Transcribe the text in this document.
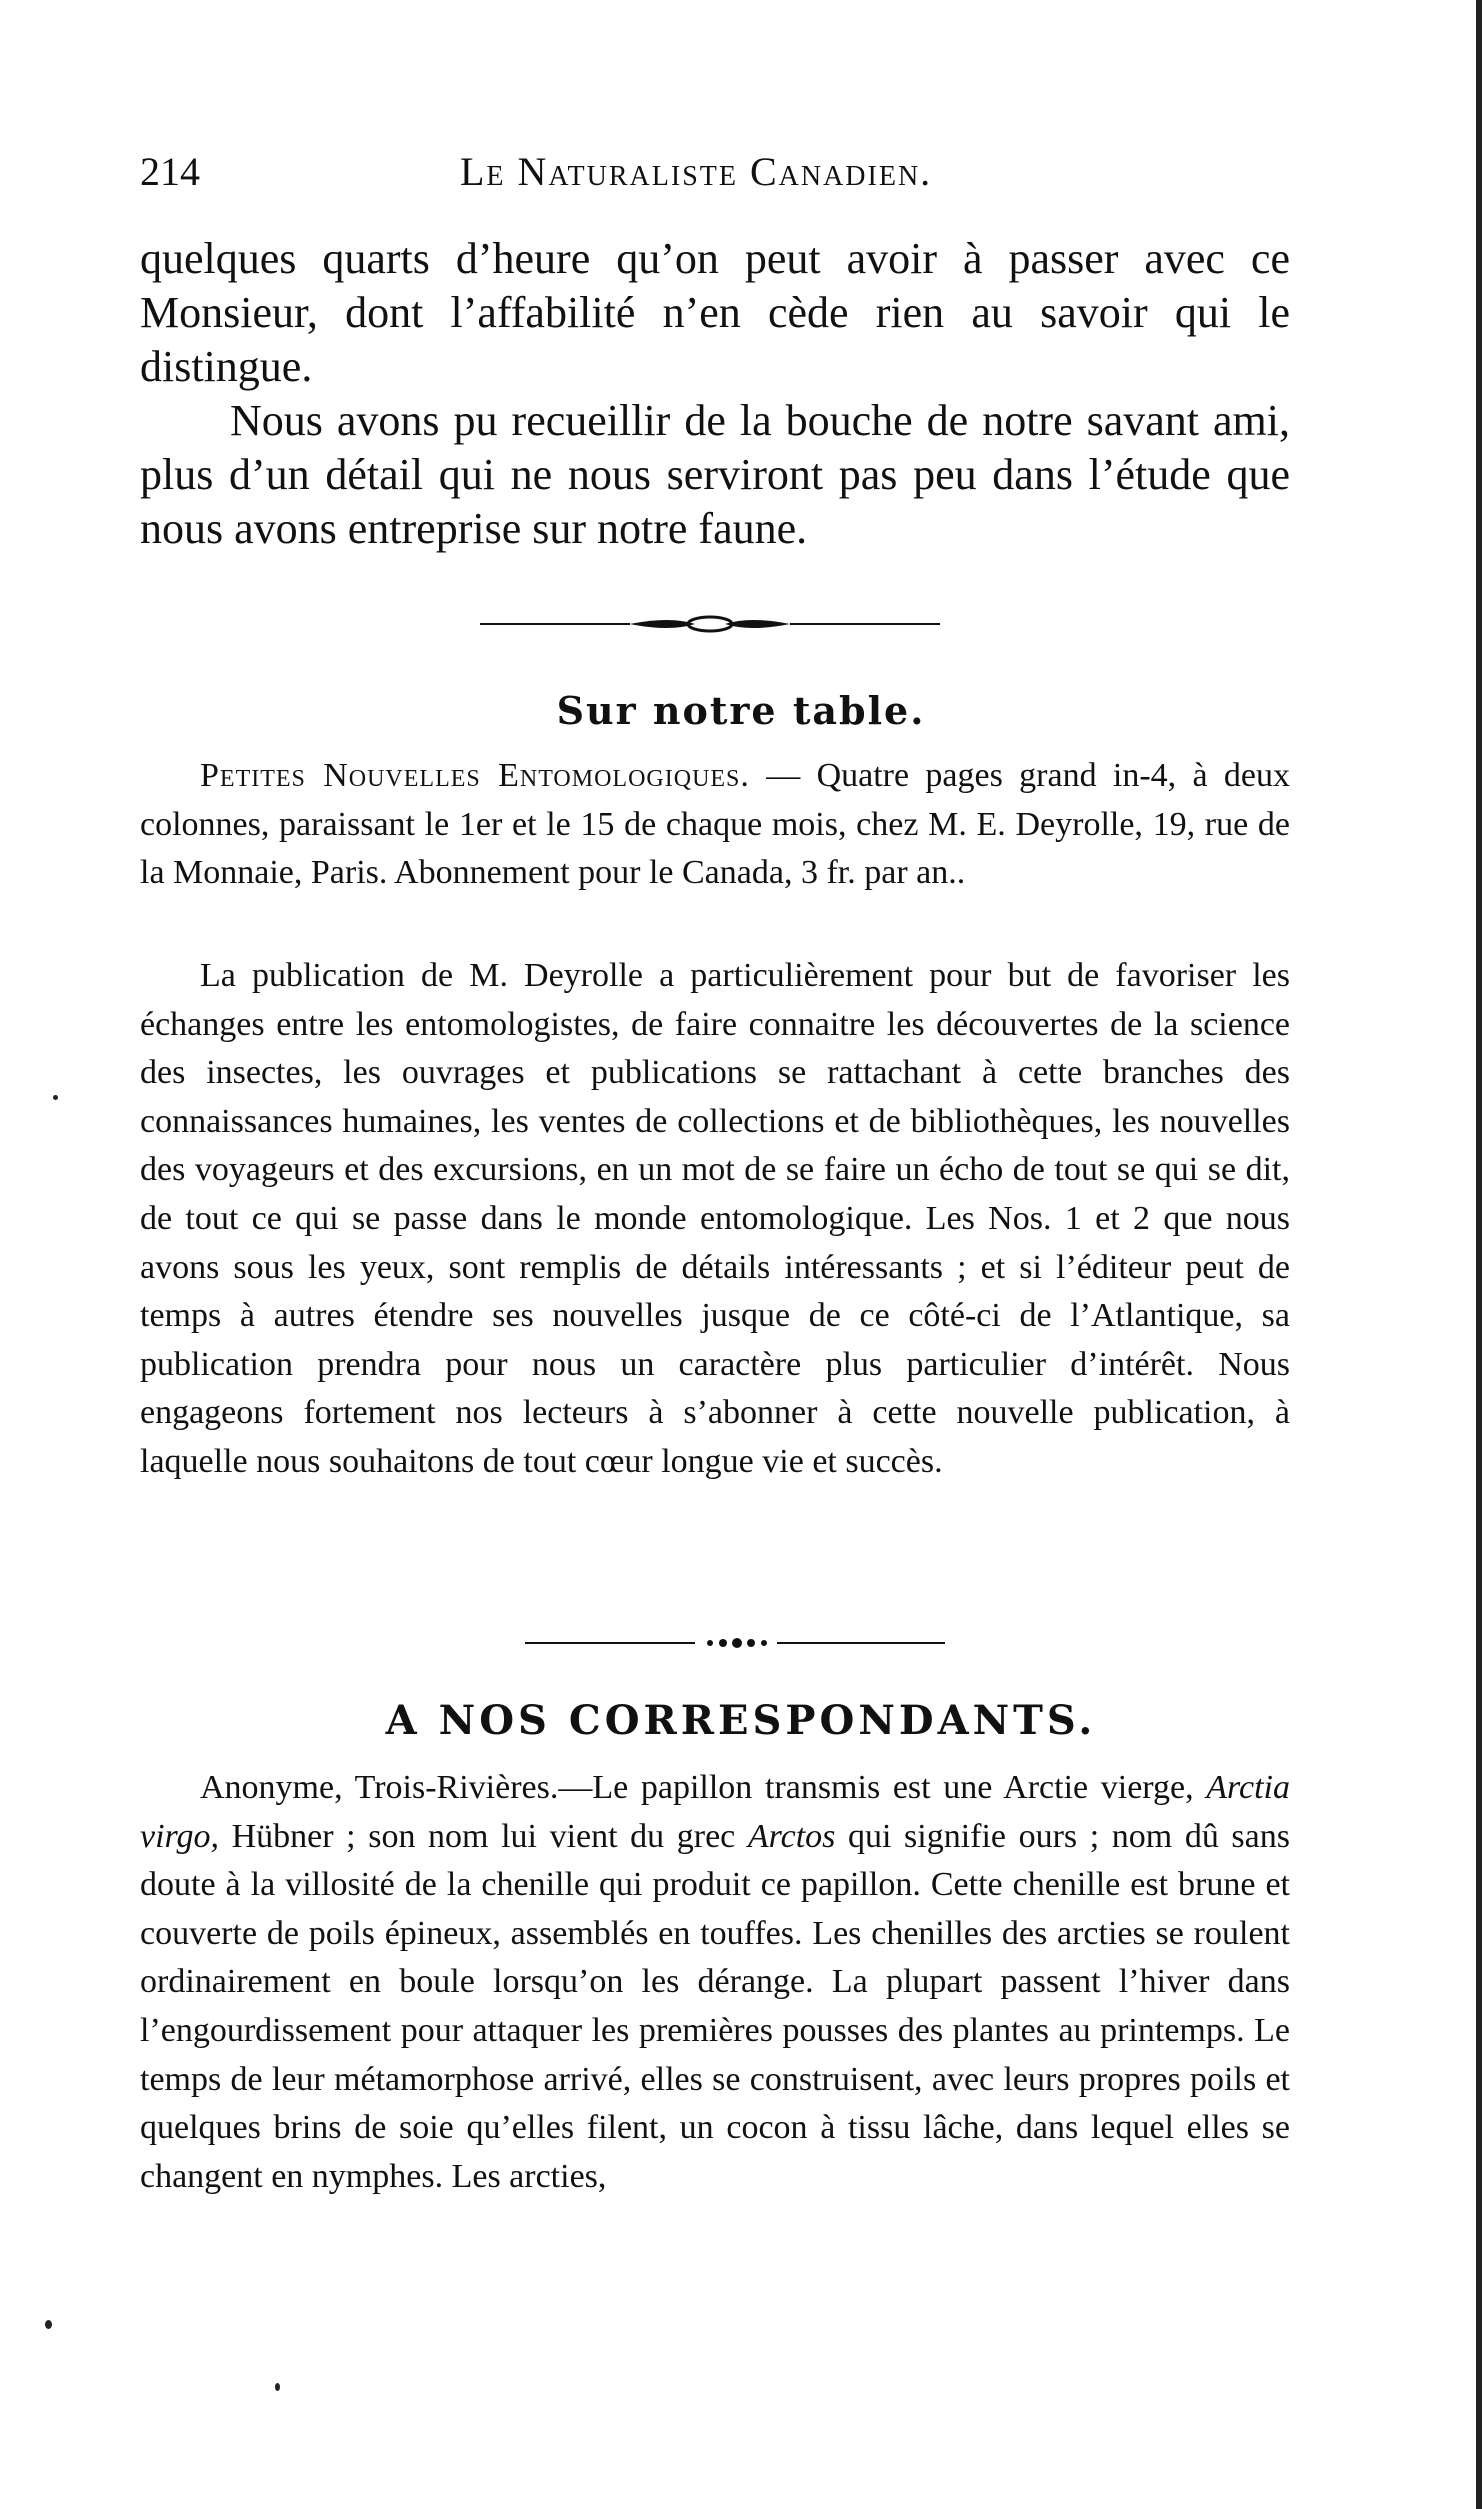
214	Le Naturaliste Canadien.

quelques quarts d’heure qu’on peut avoir à passer avec ce Monsieur, dont l’affabilité n’en cède rien au savoir qui le distingue.

Nous avons pu recueillir de la bouche de notre savant ami, plus d’un détail qui ne nous serviront pas peu dans l’étude que nous avons entreprise sur notre faune.

Sur notre table.
Petites Nouvelles Entomologiques. — Quatre pages grand in-4, à deux colonnes, paraissant le 1er et le 15 de chaque mois, chez M. E. Deyrolle, 19, rue de la Monnaie, Paris. Abonnement pour le Canada, 3 fr. par an..

La publication de M. Deyrolle a particulièrement pour but de favoriser les échanges entre les entomologistes, de faire connaitre les découvertes de la science des insectes, les ouvrages et publications se rattachant à cette branches des connaissances humaines, les ventes de collections et de bibliothèques, les nouvelles des voyageurs et des excursions, en un mot de se faire un écho de tout se qui se dit, de tout ce qui se passe dans le monde entomologique. Les Nos. 1 et 2 que nous avons sous les yeux, sont remplis de détails intéressants ; et si l’éditeur peut de temps à autres étendre ses nouvelles jusque de ce côté-ci de l’Atlantique, sa publication prendra pour nous un caractère plus particulier d’intérêt. Nous engageons fortement nos lecteurs à s’abonner à cette nouvelle publication, à laquelle nous souhaitons de tout cœur longue vie et succès.

A NOS CORRESPONDANTS.
Anonyme, Trois-Rivières.—Le papillon transmis est une Arctie vierge, Arctia virgo, Hübner ; son nom lui vient du grec Arctos qui signifie ours ; nom dû sans doute à la villosité de la chenille qui produit ce papillon. Cette chenille est brune et couverte de poils épineux, assemblés en touffes. Les chenilles des arcties se roulent ordinairement en boule lorsqu’on les dérange. La plupart passent l’hiver dans l’engourdissement pour attaquer les premières pousses des plantes au printemps. Le temps de leur métamorphose arrivé, elles se construisent, avec leurs propres poils et quelques brins de soie qu’elles filent, un cocon à tissu lâche, dans lequel elles se changent en nymphes. Les arcties,
